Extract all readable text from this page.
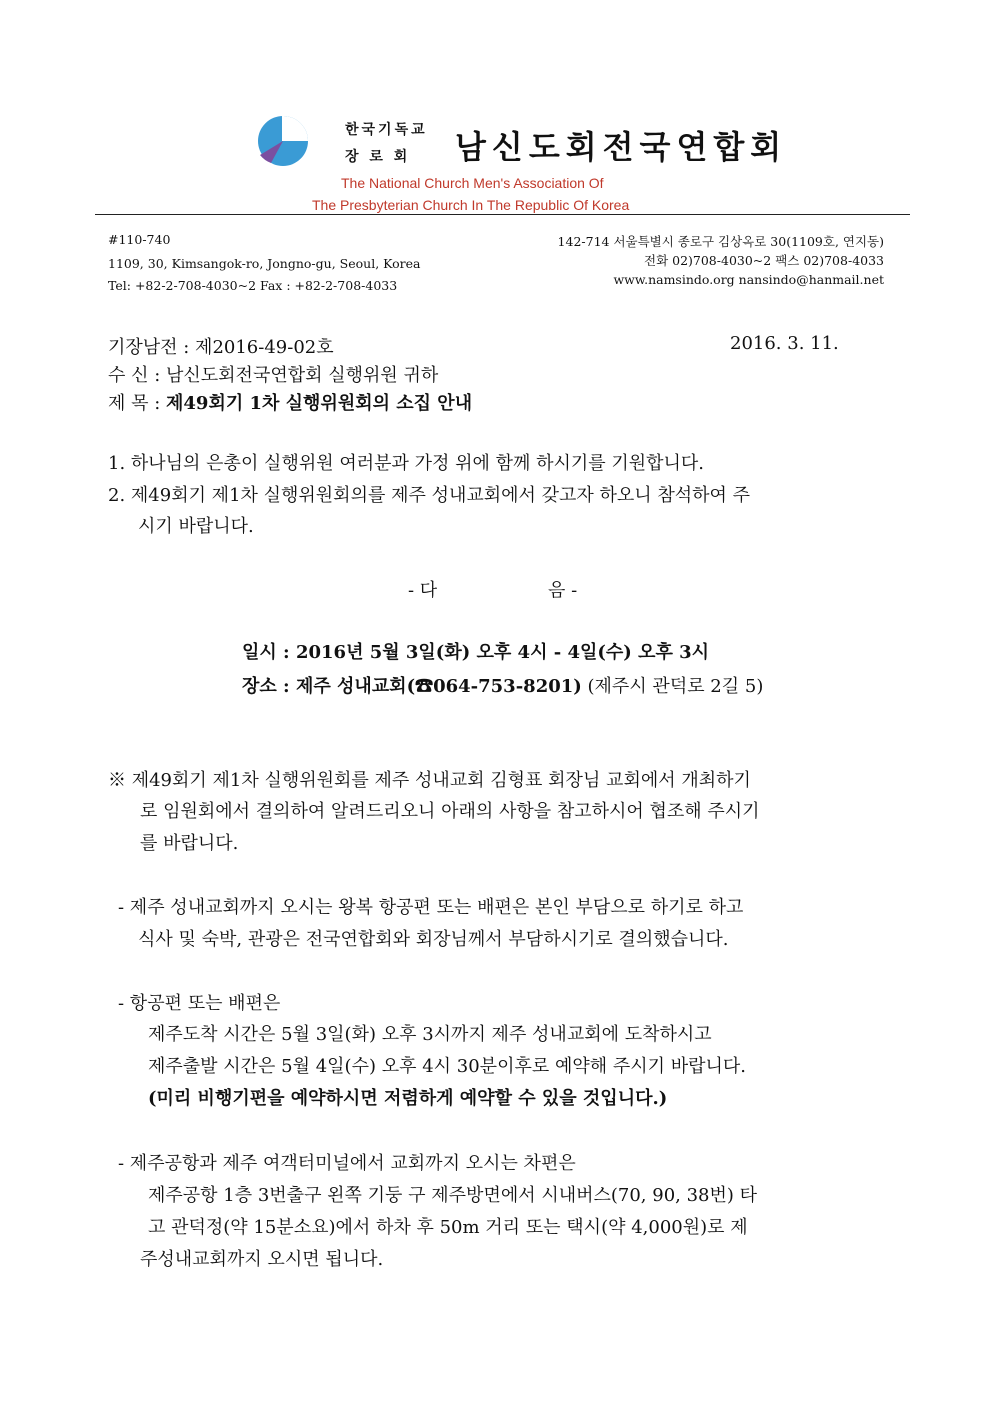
한국기독교
장 로 회 남신도회전국연합회
The National Church Men's Association Of
The Presbyterian Church In The Republic Of Korea
#110-740
1109, 30, Kimsangok-ro, Jongno-gu, Seoul, Korea
Tel: +82-2-708-4030~2 Fax : +82-2-708-4033
142-714 서울특별시 종로구 김상옥로 30(1109호, 연지동)
전화 02)708-4030~2 팩스 02)708-4033
www.namsindo.org nansindo@hanmail.net
기장남전 : 제2016-49-02호	2016. 3. 11.
수 신 : 남신도회전국연합회 실행위원 귀하
제 목 : 제49회기 1차 실행위원회의 소집 안내
1. 하나님의 은총이 실행위원 여러분과 가정 위에 함께 하시기를 기원합니다.
2. 제49회기 제1차 실행위원회의를 제주 성내교회에서 갖고자 하오니 참석하여 주
시기 바랍니다.
- 다	음 -
일시 : 2016년 5월 3일(화) 오후 4시 - 4일(수) 오후 3시
장소 : 제주 성내교회(☎064-753-8201) (제주시 관덕로 2길 5)
※ 제49회기 제1차 실행위원회를 제주 성내교회 김형표 회장님 교회에서 개최하기
로 임원회에서 결의하여 알려드리오니 아래의 사항을 참고하시어 협조해 주시기
를 바랍니다.
- 제주 성내교회까지 오시는 왕복 항공편 또는 배편은 본인 부담으로 하기로 하고
식사 및 숙박, 관광은 전국연합회와 회장님께서 부담하시기로 결의했습니다.
- 항공편 또는 배편은
제주도착 시간은 5월 3일(화) 오후 3시까지 제주 성내교회에 도착하시고
제주출발 시간은 5월 4일(수) 오후 4시 30분이후로 예약해 주시기 바랍니다.
(미리 비행기편을 예약하시면 저렴하게 예약할 수 있을 것입니다.)
- 제주공항과 제주 여객터미널에서 교회까지 오시는 차편은
제주공항 1층 3번출구 왼쪽 기둥 구 제주방면에서 시내버스(70, 90, 38번) 타
고 관덕정(약 15분소요)에서 하차 후 50m 거리 또는 택시(약 4,000원)로 제
주성내교회까지 오시면 됩니다.
